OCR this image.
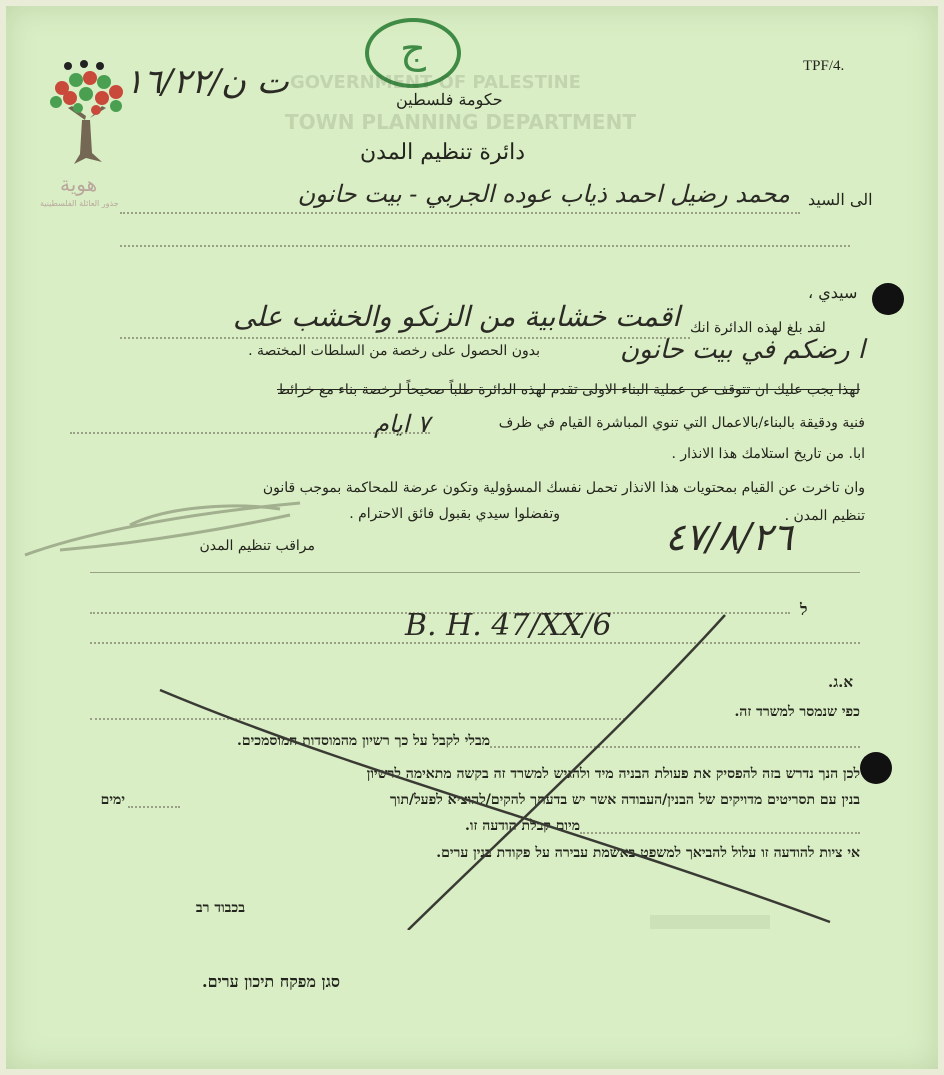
هوية
جذور العائلة الفلسطينية
ج	TPF/4.
ت ن/١٦/٢٢ GOVERNMENT OF PALESTINE
TOWN PLANNING DEPARTMENT
حكومة فلسطين
دائرة تنظيم المدن
الى السيد
محمد رضيل احمد ذياب عوده الجربي - بيت حانون
سيدي ،
لقد بلغ لهذه الدائرة انك
اقمت خشابية من الزنكو والخشب على
ا رضكم في بيت حانون
بدون الحصول على رخصة من السلطات المختصة .
لهذا يجب عليك ان تتوقف عن عملية البناء الاولى تقدم لهذه الدائرة طلباً صحيحاً لرخصة بناء مع خرائط
فنية ودقيقة بالبناء/بالاعمال التي تنوي المباشرة القيام في ظرف
٧ ايام
ابا. من تاريخ استلامك هذا الانذار .
وان تاخرت عن القيام بمحتويات هذا الانذار تحمل نفسك المسؤولية وتكون عرضة للمحاكمة بموجب قانون
تنظيم المدن .
وتفضلوا سيدي بقبول فائق الاحترام .
مراقب تنظيم المدن	٤٧/٨/٢٦
ל
B. H. 47/XX/6
א.ג.
כפי שנמסר למשרד זה.
מבלי לקבל על כך רשיון מהמוסדות המוסמכים.
לכן הנך נדרש בזה להפסיק את פעולת הבניה מיד ולהגיש למשרד זה בקשה מתאימה לרשיון
בנין עם תסריטים מדויקים של הבנין/העבודה אשר יש בדעתך להקים/להוציא לפעל/תוך
ימים
מיום קבלת הודעה זו.
אי ציות להודעה זו עלול להביאך למשפט באשמת עבירה על פקודת בנין ערים.
בכבוד רב
סגן מפקח תיכון ערים.
